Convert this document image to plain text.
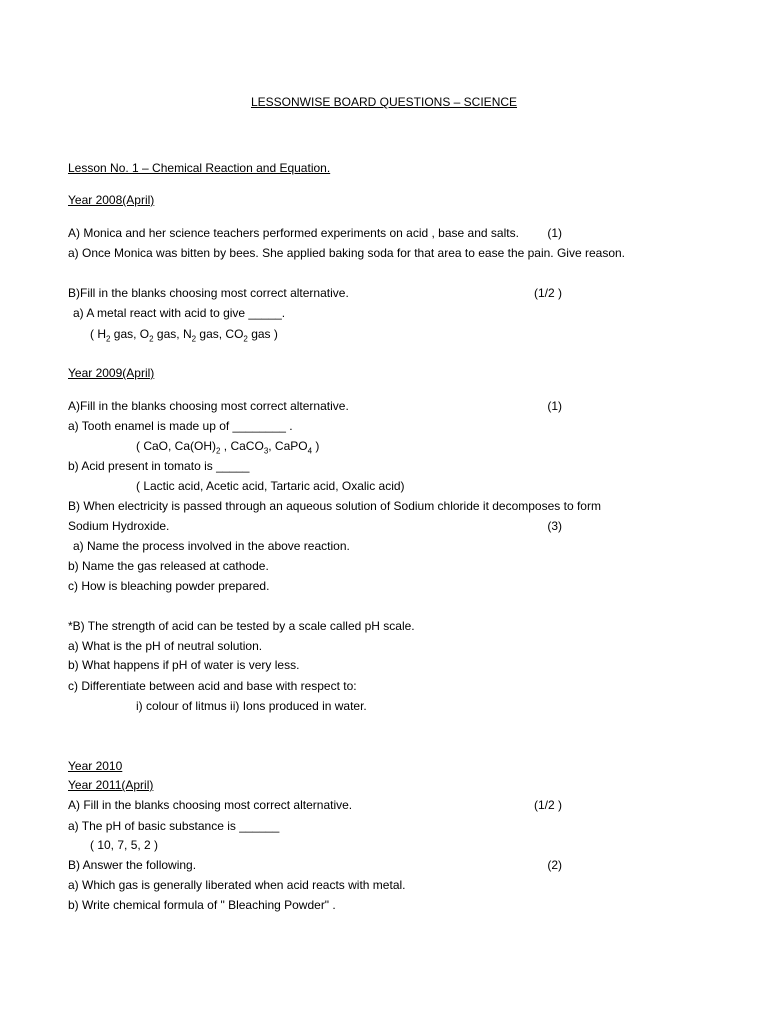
LESSONWISE BOARD QUESTIONS – SCIENCE
Lesson No. 1 – Chemical Reaction and Equation.
Year 2008(April)
A) Monica and her science teachers performed experiments on acid , base and salts. (1)
a) Once Monica was bitten by bees. She applied baking soda for that area to ease the pain. Give reason.
B)Fill in the blanks choosing most correct alternative.	(1/2 )
a) A metal react with acid to give _____.
( $H_2$ gas, $O_2$ gas, $N_2$ gas, $CO_2$ gas )
Year 2009(April)
A)Fill in the blanks choosing most correct alternative.	(1)
a) Tooth enamel is made up of ________ .
( CaO, $Ca(OH)_2$ , CaCO$_3$, CaPO$_4$ )
b) Acid present in tomato is _____
( Lactic acid, Acetic acid, Tartaric acid, Oxalic acid)
B) When electricity is passed through an aqueous solution of Sodium chloride it decomposes to form
Sodium Hydroxide.	(3)
a) Name the process involved in the above reaction.
b) Name the gas released at cathode.
c) How is bleaching powder prepared.
*B) The strength of acid can be tested by a scale called pH scale.
a) What is the pH of neutral solution.
b) What happens if pH of water is very less.
c) Differentiate between acid and base with respect to:
i) colour of litmus ii) Ions produced in water.
Year 2010
Year 2011(April)
A) Fill in the blanks choosing most correct alternative.	(1/2 )
a) The pH of basic substance is ______
( 10, 7, 5, 2 )
B) Answer the following.	(2)
a) Which gas is generally liberated when acid reacts with metal.
b) Write chemical formula of " Bleaching Powder" .
